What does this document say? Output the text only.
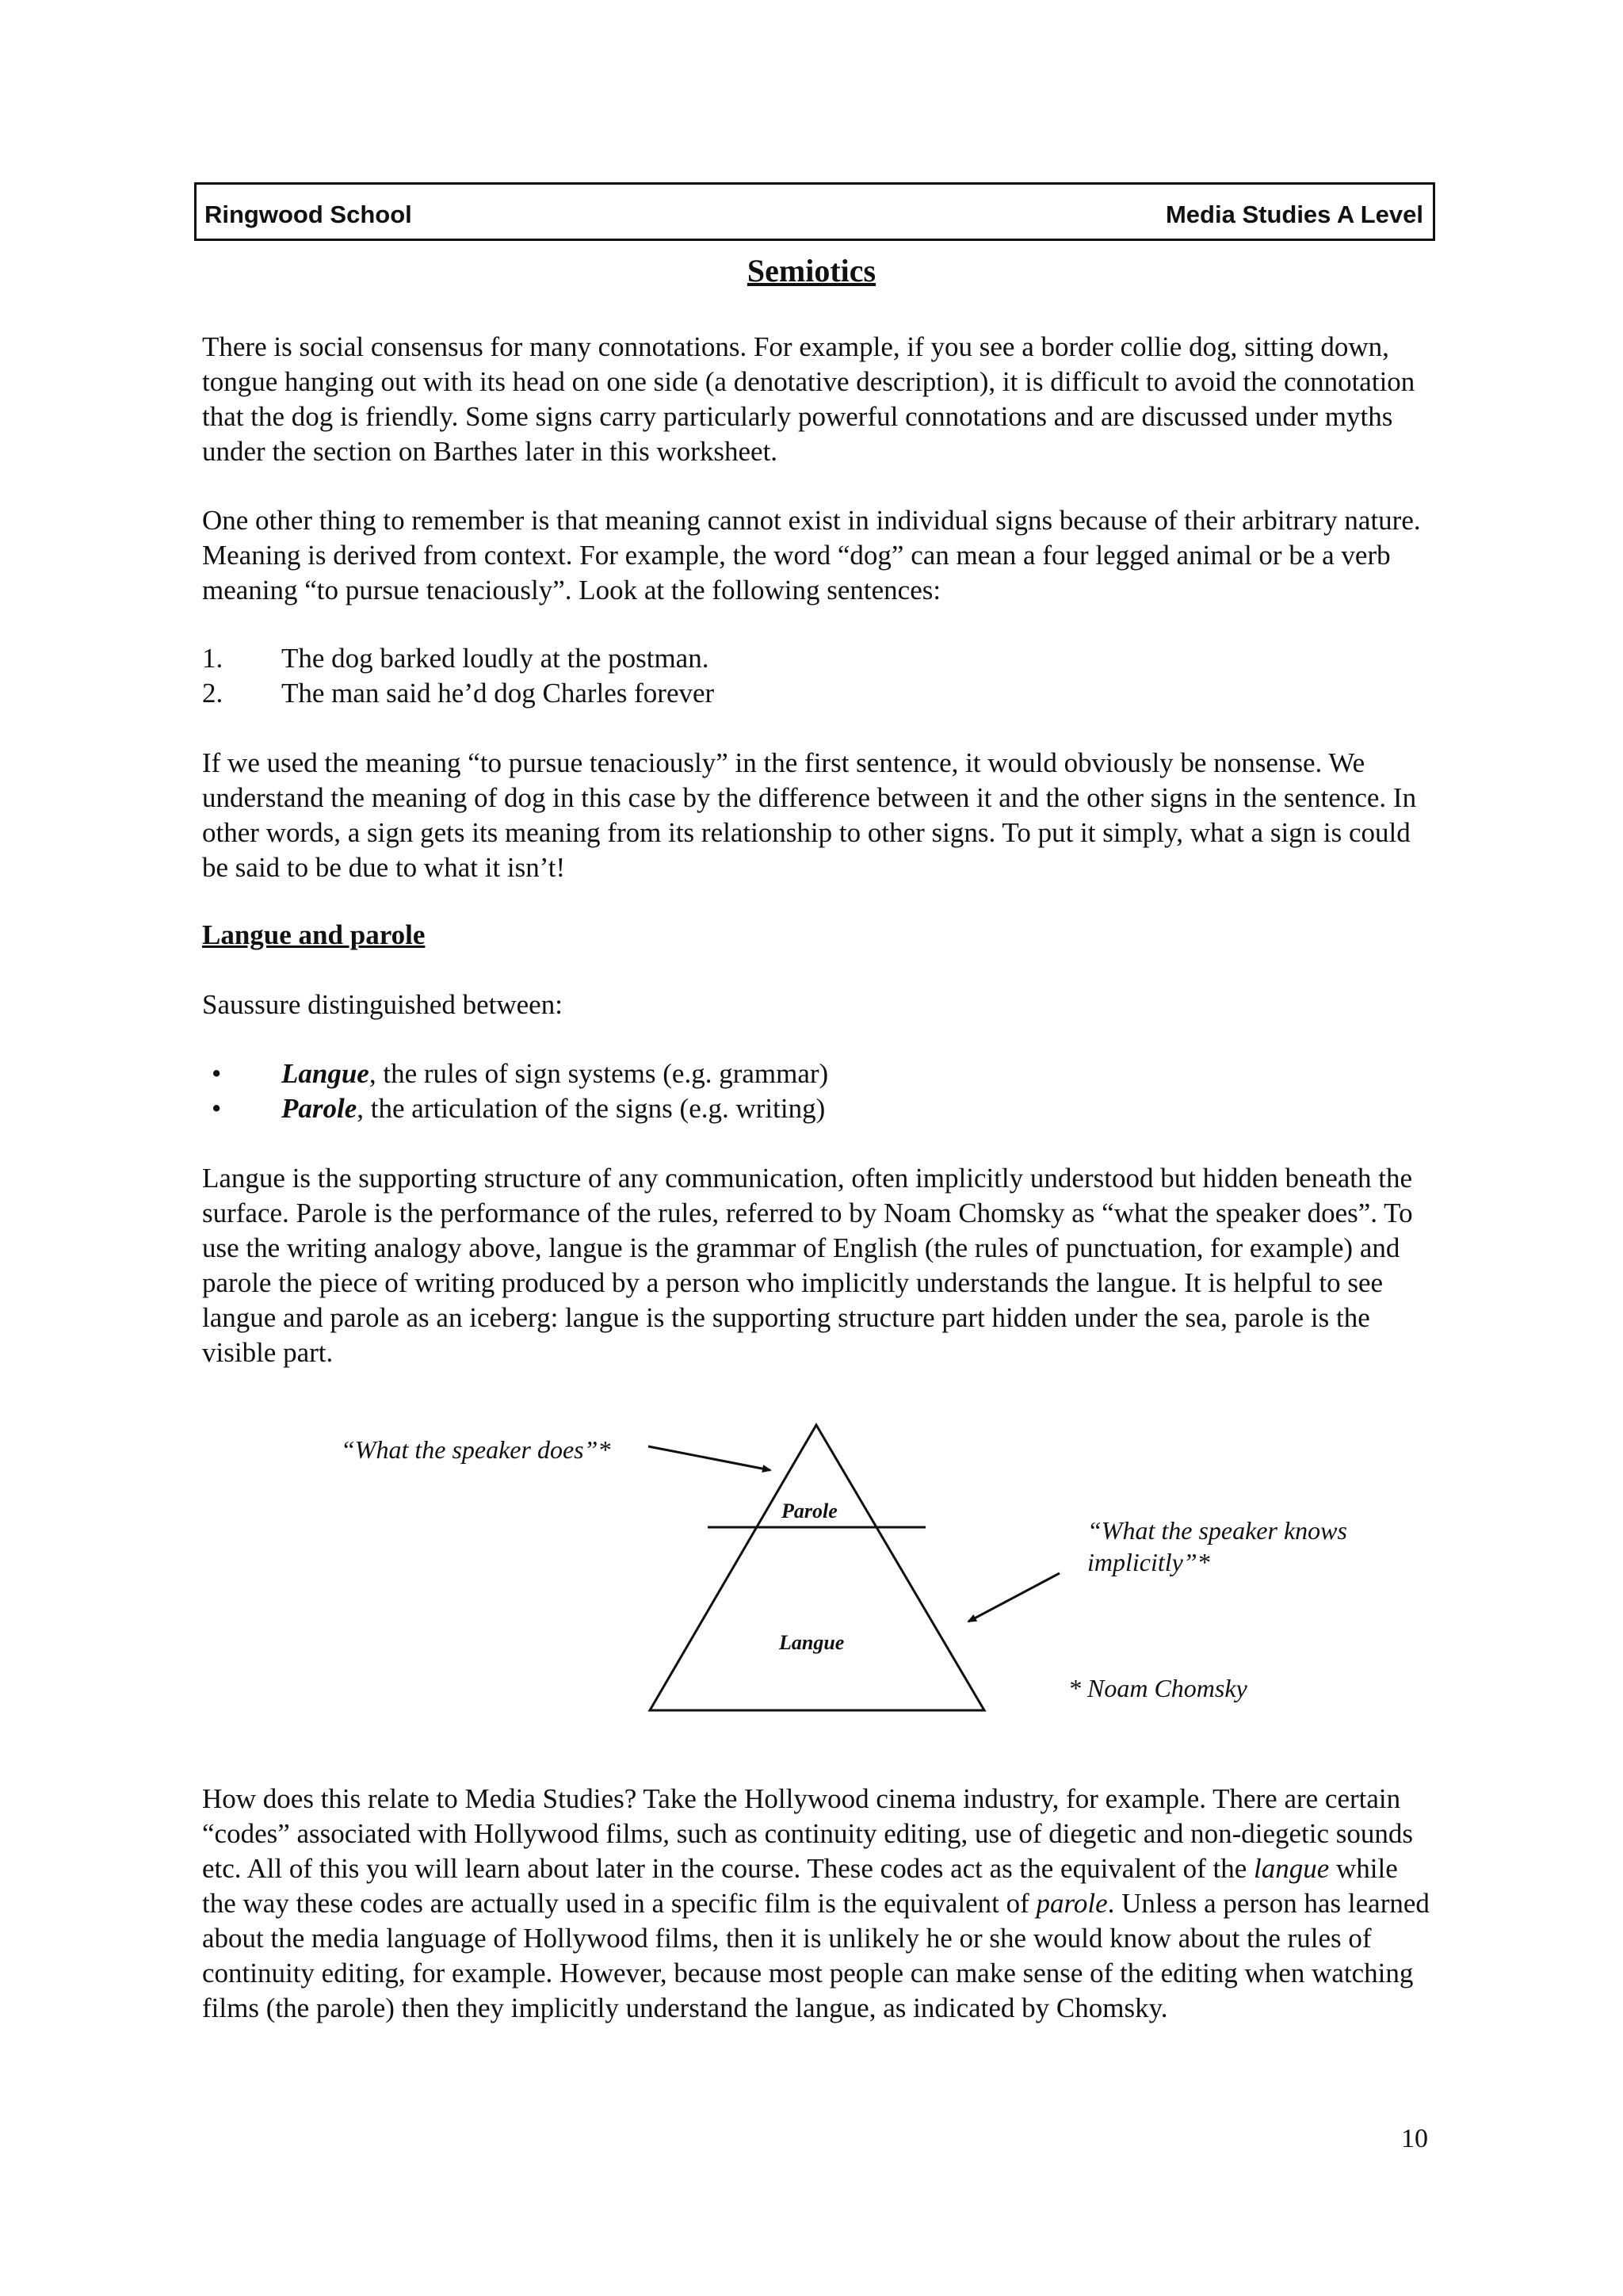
Ringwood School	Media Studies A Level
Semiotics

There is social consensus for many connotations. For example, if you see a border collie dog, sitting down, tongue hanging out with its head on one side (a denotative description), it is difficult to avoid the connotation that the dog is friendly. Some signs carry particularly powerful connotations and are discussed under myths under the section on Barthes later in this worksheet.

One other thing to remember is that meaning cannot exist in individual signs because of their arbitrary nature. Meaning is derived from context. For example, the word “dog” can mean a four legged animal or be a verb meaning “to pursue tenaciously”. Look at the following sentences:

1. The dog barked loudly at the postman.
2. The man said he’d dog Charles forever

If we used the meaning “to pursue tenaciously” in the first sentence, it would obviously be nonsense. We understand the meaning of dog in this case by the difference between it and the other signs in the sentence. In other words, a sign gets its meaning from its relationship to other signs. To put it simply, what a sign is could be said to be due to what it isn’t!

Langue and parole

Saussure distinguished between:

• Langue, the rules of sign systems (e.g. grammar)
• Parole, the articulation of the signs (e.g. writing)

Langue is the supporting structure of any communication, often implicitly understood but hidden beneath the surface. Parole is the performance of the rules, referred to by Noam Chomsky as “what the speaker does”. To use the writing analogy above, langue is the grammar of English (the rules of punctuation, for example) and parole the piece of writing produced by a person who implicitly understands the langue. It is helpful to see langue and parole as an iceberg: langue is the supporting structure part hidden under the sea, parole is the visible part.

“What the speaker does”*
Parole
Langue
“What the speaker knows
implicitly”*
* Noam Chomsky

How does this relate to Media Studies? Take the Hollywood cinema industry, for example. There are certain “codes” associated with Hollywood films, such as continuity editing, use of diegetic and non-diegetic sounds etc. All of this you will learn about later in the course. These codes act as the equivalent of the langue while the way these codes are actually used in a specific film is the equivalent of parole. Unless a person has learned about the media language of Hollywood films, then it is unlikely he or she would know about the rules of continuity editing, for example. However, because most people can make sense of the editing when watching films (the parole) then they implicitly understand the langue, as indicated by Chomsky.

10
